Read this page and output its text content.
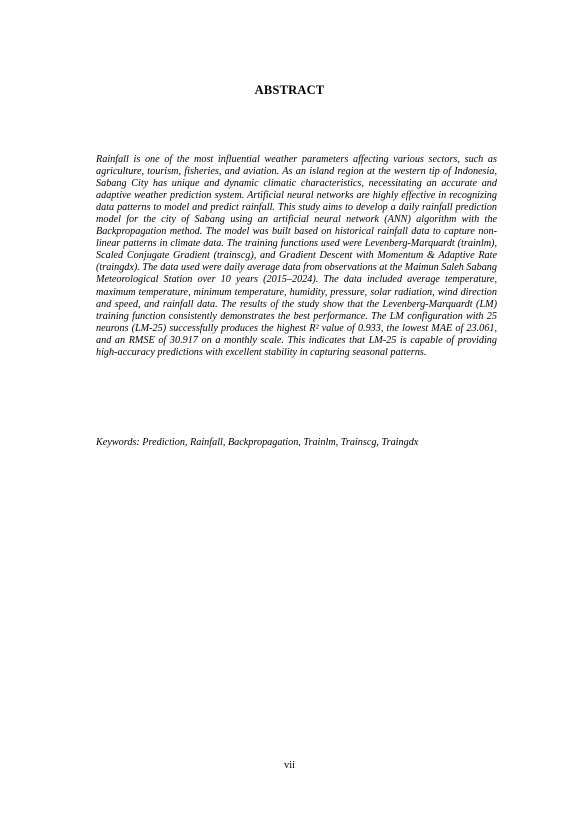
ABSTRACT

Rainfall is one of the most influential weather parameters affecting various sectors, such as agriculture, tourism, fisheries, and aviation. As an island region at the western tip of Indonesia, Sabang City has unique and dynamic climatic characteristics, necessitating an accurate and adaptive weather prediction system. Artificial neural networks are highly effective in recognizing data patterns to model and predict rainfall. This study aims to develop a daily rainfall prediction model for the city of Sabang using an artificial neural network (ANN) algorithm with the Backpropagation method. The model was built based on historical rainfall data to capture non-linear patterns in climate data. The training functions used were Levenberg-Marquardt (trainlm), Scaled Conjugate Gradient (trainscg), and Gradient Descent with Momentum & Adaptive Rate (traingdx). The data used were daily average data from observations at the Maimun Saleh Sabang Meteorological Station over 10 years (2015–2024). The data included average temperature, maximum temperature, minimum temperature, humidity, pressure, solar radiation, wind direction and speed, and rainfall data. The results of the study show that the Levenberg-Marquardt (LM) training function consistently demonstrates the best performance. The LM configuration with 25 neurons (LM-25) successfully produces the highest R² value of 0.933, the lowest MAE of 23.061, and an RMSE of 30.917 on a monthly scale. This indicates that LM-25 is capable of providing high-accuracy predictions with excellent stability in capturing seasonal patterns.

Keywords: Prediction, Rainfall, Backpropagation, Trainlm, Trainscg, Traingdx

vii
